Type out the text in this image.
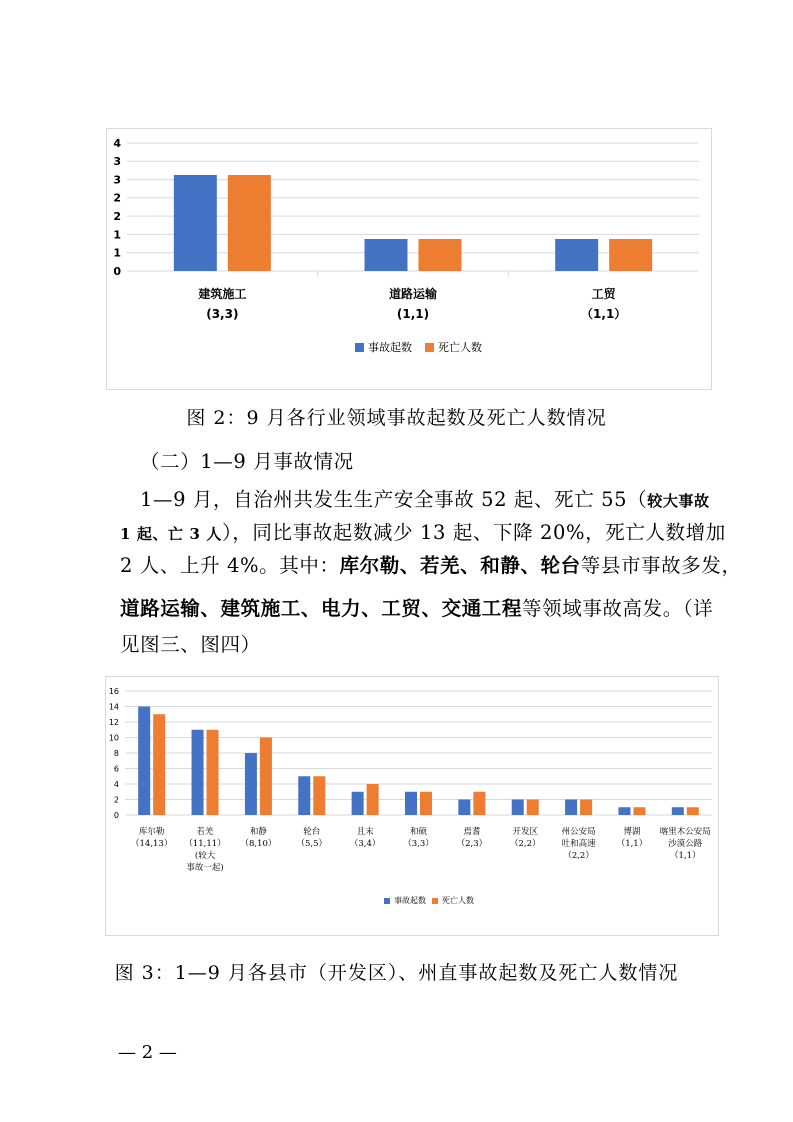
0
1
1
2
2
3
3
4
建筑施工
(3,3)
道路运输
(1,1)
工贸
（1,1）
事故起数 死亡人数
图 2：9 月各行业领域事故起数及死亡人数情况
（二）1—9 月事故情况
1—9 月，自治州共发生生产安全事故 52 起、死亡 55（较大事故
1 起、亡 3 人），同比事故起数减少 13 起、下降 20%，死亡人数增加
2 人、上升 4%。其中：库尔勒、若羌、和静、轮台等县市事故多发，
道路运输、建筑施工、电力、工贸、交通工程等领域事故高发。（详
见图三、图四）
0
2
4
6
8
10
12
14
16
库尔勒
（14,13）
若羌
（11,11）
(较大
事故一起)
和静
（8,10）
轮台
（5,5）
且末
（3,4）
和硕
（3,3）
焉耆
（2,3）
开发区
（2,2）
州公安局
吐和高速
（2,2）
博湖
（1,1）
喀里木公安局
沙漠公路
（1,1）
事故起数 死亡人数
图 3：1—9 月各县市（开发区）、州直事故起数及死亡人数情况
— 2 —
